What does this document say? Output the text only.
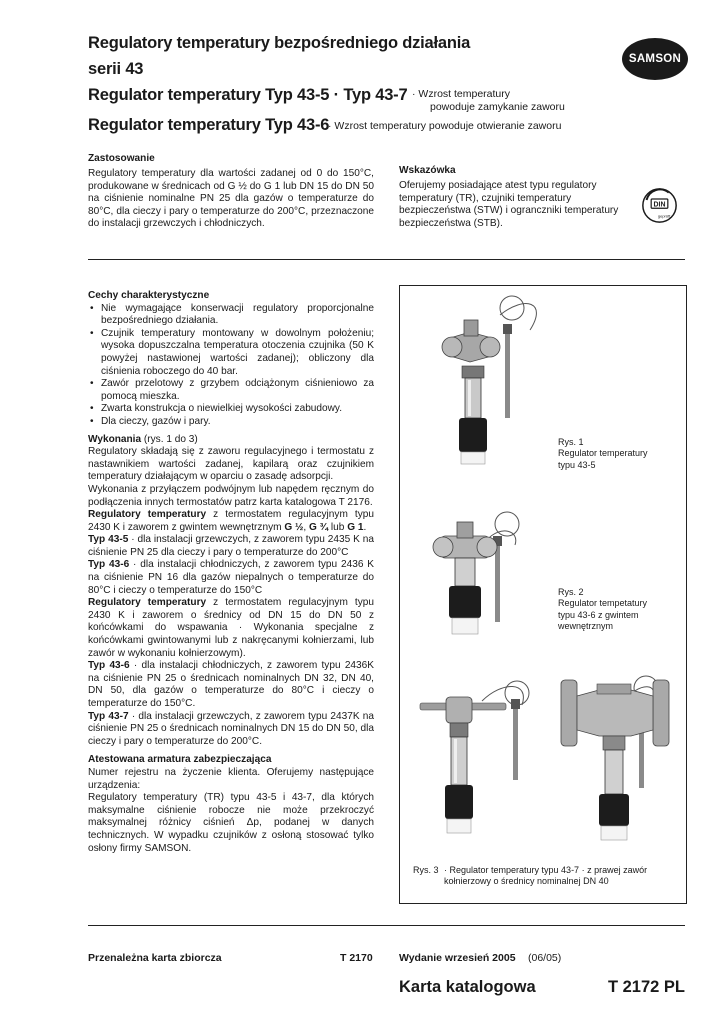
Regulatory temperatury bezpośredniego działania
serii 43
Regulator temperatury Typ 43-5 · Typ 43-7 · Wzrost temperatury
powoduje zamykanie zaworu
Regulator temperatury Typ 43-6
· Wzrost temperatury powoduje otwieranie zaworu
SAMSON
Zastosowanie
Regulatory temperatury dla wartości zadanej od 0 do 150°C, produkowane w średnicach od G ½ do G 1 lub DN 15 do DN 50 na ciśnienie nominalne PN 25 dla gazów o temperaturze do 80°C, dla cieczy i pary o temperaturze do 200°C, przeznaczone do instalacji grzewczych i chłodniczych.
Wskazówka
Oferujemy posiadające atest typu regulatory temperatury (TR), czujniki temperatury bezpieczeństwa (STW) i ogranczniki temperatury bezpieczeństwa (STB).
DIN
geprüft
Cechy charakterystyczne
• Nie wymagające konserwacji regulatory proporcjonalne bezpośredniego działania.
• Czujnik temperatury montowany w dowolnym położeniu; wysoka dopuszczalna temperatura otoczenia czujnika (50 K powyżej nastawionej wartości zadanej); obliczony dla ciśnienia roboczego do 40 bar.
• Zawór przelotowy z grzybem odciążonym ciśnieniowo za pomocą mieszka.
• Zwarta konstrukcja o niewielkiej wysokości zabudowy.
• Dla cieczy, gazów i pary.
Wykonania (rys. 1 do 3)

Regulatory składają się z zaworu regulacyjnego i termostatu z nastawnikiem wartości zadanej, kapilarą oraz czujnikiem temperatury działającym w oparciu o zasadę adsorpcji.

Wykonania z przyłączem podwójnym lub napędem ręcznym do podłączenia innych termostatów patrz karta katalogowa T 2176.

Regulatory temperatury z termostatem regulacyjnym typu 2430 K i zaworem z gwintem wewnętrznym G ½, G ¾ lub G 1.

Typ 43-5 · dla instalacji grzewczych, z zaworem typu 2435 K na ciśnienie PN 25 dla cieczy i pary o temperaturze do 200°C

Typ 43-6 · dla instalacji chłodniczych, z zaworem typu 2436 K na ciśnienie PN 16 dla gazów niepalnych o temperaturze do 80°C i cieczy o temperaturze do 150°C

Regulatory temperatury z termostatem regulacyjnym typu 2430 K i zaworem o średnicy od DN 15 do DN 50 z końcówkami do wspawania · Wykonania specjalne z końcówkami gwintowanymi lub z nakręcanymi kołnierzami, lub zawór w wykonaniu kołnierzowym).

Typ 43-6 · dla instalacji chłodniczych, z zaworem typu 2436K na ciśnienie PN 25 o średnicach nominalnych DN 32, DN 40, DN 50, dla gazów o temperaturze do 80°C i cieczy o temperaturze do 150°C.

Typ 43-7 · dla instalacji grzewczych, z zaworem typu 2437K na ciśnienie PN 25 o średnicach nominalnych DN 15 do DN 50, dla cieczy i pary o temperaturze do 200°C.

Atestowana armatura zabezpieczająca

Numer rejestru na życzenie klienta. Oferujemy następujące urządzenia:

Regulatory temperatury (TR) typu 43-5 i 43-7, dla których maksymalne ciśnienie robocze nie może przekroczyć maksymalnej różnicy ciśnień Δp, podanej w danych technicznych. W wypadku czujników z osłoną stosować tylko osłony firmy SAMSON.

Rys. 1
Regulator temperatury
typu 43-5
Rys. 2
Regulator tempetatury
typu 43-6 z gwintem
wewnętrznym
Rys. 3 · Regulator temperatury typu 43-7 · z prawej zawór
kołnierzowy o średnicy nominalnej DN 40
Przenależna karta zbiorcza	T 2170	Wydanie wrzesień 2005 (06/05)
Karta katalogowa	T 2172 PL
